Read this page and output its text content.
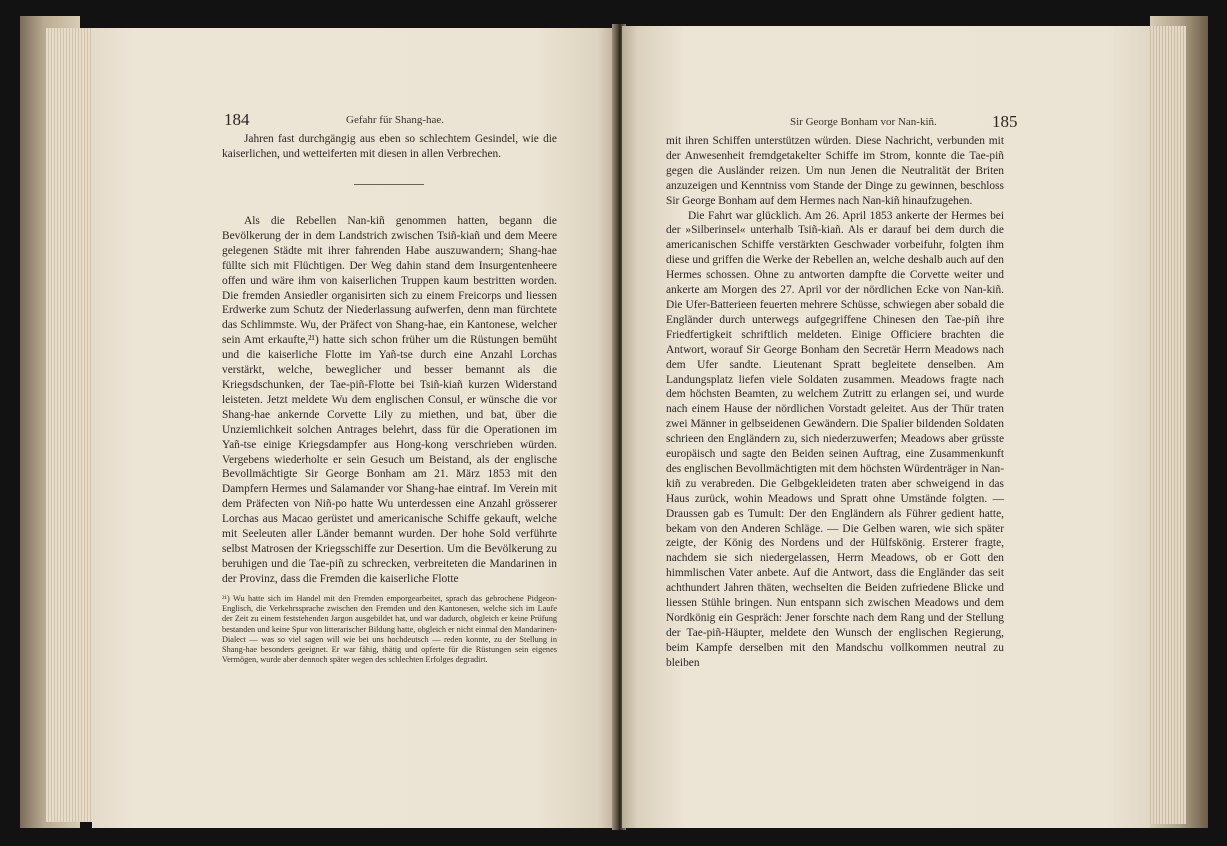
184	Gefahr für Shang-hae.

Jahren fast durchgängig aus eben so schlechtem Gesindel, wie die kaiserlichen, und wetteiferten mit diesen in allen Verbrechen.

Als die Rebellen Nan-kiñ genommen hatten, begann die Bevölkerung der in dem Landstrich zwischen Tsiñ-kiañ und dem Meere gelegenen Städte mit ihrer fahrenden Habe auszuwandern; Shang-hae füllte sich mit Flüchtigen. Der Weg dahin stand dem Insurgentenheere offen und wäre ihm von kaiserlichen Truppen kaum bestritten worden. Die fremden Ansiedler organisirten sich zu einem Freicorps und liessen Erdwerke zum Schutz der Niederlassung aufwerfen, denn man fürchtete das Schlimmste. Wu, der Präfect von Shang-hae, ein Kantonese, welcher sein Amt erkaufte,²¹) hatte sich schon früher um die Rüstungen bemüht und die kaiserliche Flotte im Yañ-tse durch eine Anzahl Lorchas verstärkt, welche, beweglicher und besser bemannt als die Kriegsdschunken, der Tae-piñ-Flotte bei Tsiñ-kiañ kurzen Widerstand leisteten. Jetzt meldete Wu dem englischen Consul, er wünsche die vor Shang-hae ankernde Corvette Lily zu miethen, und bat, über die Unziemlichkeit solchen Antrages belehrt, dass für die Operationen im Yañ-tse einige Kriegsdampfer aus Hong-kong verschrieben würden. Vergebens wiederholte er sein Gesuch um Beistand, als der englische Bevollmächtigte Sir George Bonham am 21. März 1853 mit den Dampfern Hermes und Salamander vor Shang-hae eintraf. Im Verein mit dem Präfecten von Niñ-po hatte Wu unterdessen eine Anzahl grösserer Lorchas aus Macao gerüstet und americanische Schiffe gekauft, welche mit Seeleuten aller Länder bemannt wurden. Der hohe Sold verführte selbst Matrosen der Kriegsschiffe zur Desertion. Um die Bevölkerung zu beruhigen und die Tae-piñ zu schrecken, verbreiteten die Mandarinen in der Provinz, dass die Fremden die kaiserliche Flotte

²¹) Wu hatte sich im Handel mit den Fremden emporgearbeitet, sprach das gebrochene Pidgeon-Englisch, die Verkehrssprache zwischen den Fremden und den Kantonesen, welche sich im Laufe der Zeit zu einem feststehenden Jargon ausgebildet hat, und war dadurch, obgleich er keine Prüfung bestanden und keine Spur von litterarischer Bildung hatte, obgleich er nicht einmal den Mandarinen-Dialect — was so viel sagen will wie bei uns hochdeutsch — reden konnte, zu der Stellung in Shang-hae besonders geeignet. Er war fähig, thätig und opferte für die Rüstungen sein eigenes Vermögen, wurde aber dennoch später wegen des schlechten Erfolges degradirt.
Sir George Bonham vor Nan-kiñ.	185

mit ihren Schiffen unterstützen würden. Diese Nachricht, verbunden mit der Anwesenheit fremdgetakelter Schiffe im Strom, konnte die Tae-piñ gegen die Ausländer reizen. Um nun Jenen die Neutralität der Briten anzuzeigen und Kenntniss vom Stande der Dinge zu gewinnen, beschloss Sir George Bonham auf dem Hermes nach Nan-kiñ hinaufzugehen.

Die Fahrt war glücklich. Am 26. April 1853 ankerte der Hermes bei der »Silberinsel« unterhalb Tsiñ-kiañ. Als er darauf bei dem durch die americanischen Schiffe verstärkten Geschwader vorbeifuhr, folgten ihm diese und griffen die Werke der Rebellen an, welche deshalb auch auf den Hermes schossen. Ohne zu antworten dampfte die Corvette weiter und ankerte am Morgen des 27. April vor der nördlichen Ecke von Nan-kiñ. Die Ufer-Batterieen feuerten mehrere Schüsse, schwiegen aber sobald die Engländer durch unterwegs aufgegriffene Chinesen den Tae-piñ ihre Friedfertigkeit schriftlich meldeten. Einige Officiere brachten die Antwort, worauf Sir George Bonham den Secretär Herrn Meadows nach dem Ufer sandte. Lieutenant Spratt begleitete denselben. Am Landungsplatz liefen viele Soldaten zusammen. Meadows fragte nach dem höchsten Beamten, zu welchem Zutritt zu erlangen sei, und wurde nach einem Hause der nördlichen Vorstadt geleitet. Aus der Thür traten zwei Männer in gelbseidenen Gewändern. Die Spalier bildenden Soldaten schrieen den Engländern zu, sich niederzuwerfen; Meadows aber grüsste europäisch und sagte den Beiden seinen Auftrag, eine Zusammenkunft des englischen Bevollmächtigten mit dem höchsten Würdenträger in Nan-kiñ zu verabreden. Die Gelbgekleideten traten aber schweigend in das Haus zurück, wohin Meadows und Spratt ohne Umstände folgten. — Draussen gab es Tumult: Der den Engländern als Führer gedient hatte, bekam von den Anderen Schläge. — Die Gelben waren, wie sich später zeigte, der König des Nordens und der Hülfskönig. Ersterer fragte, nachdem sie sich niedergelassen, Herrn Meadows, ob er Gott den himmlischen Vater anbete. Auf die Antwort, dass die Engländer das seit achthundert Jahren thäten, wechselten die Beiden zufriedene Blicke und liessen Stühle bringen. Nun entspann sich zwischen Meadows und dem Nordkönig ein Gespräch: Jener forschte nach dem Rang und der Stellung der Tae-piñ-Häupter, meldete den Wunsch der englischen Regierung, beim Kampfe derselben mit den Mandschu vollkommen neutral zu bleiben
